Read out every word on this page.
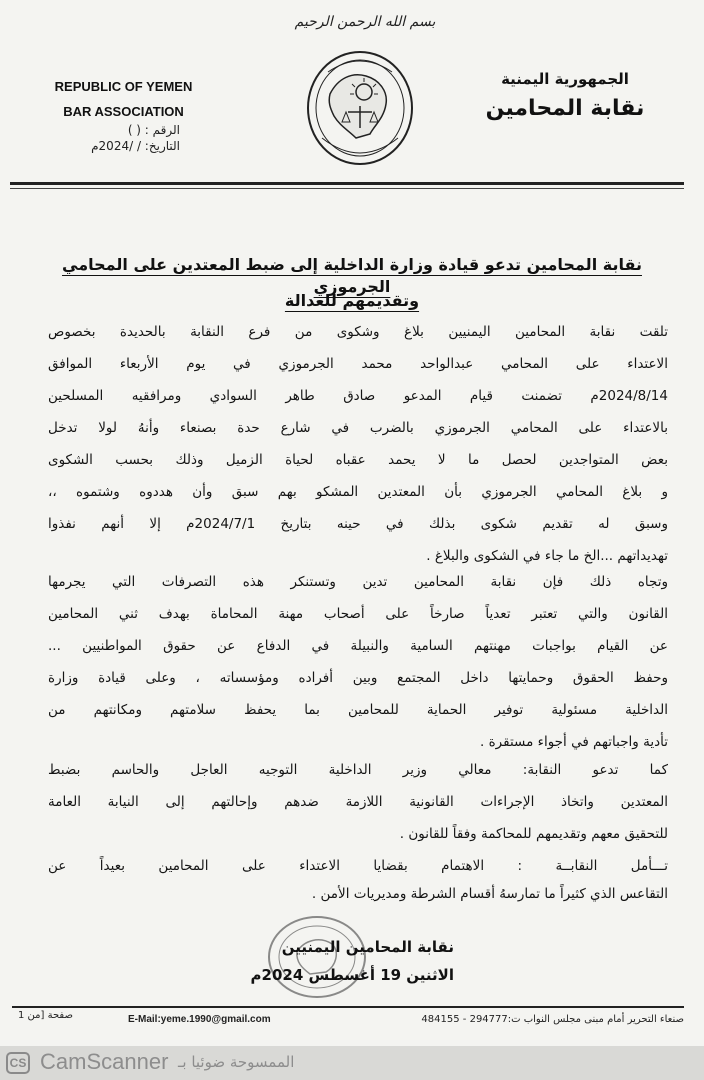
بسم الله الرحمن الرحيم
REPUBLIC OF YEMEN
BAR ASSOCIATION
الرقم : ( )
التاريخ: / /2024م
الجمهورية اليمنية
نقابة المحامين
نقابة المحامين تدعو قيادة وزارة الداخلية إلى ضبط المعتدين على المحامي الجرموزي
وتقديمهم للعدالة
تلقت نقابة المحامين اليمنيين بلاغ وشكوى من فرع النقابة بالحديدة بخصوص
الاعتداء على المحامي عبدالواحد محمد الجرموزي في يوم الأربعاء الموافق
2024/8/14م تضمنت قيام المدعو صادق طاهر السوادي ومرافقيه المسلحين
بالاعتداء على المحامي الجرموزي بالضرب في شارع حدة بصنعاء وأنهُ لولا تدخل
بعض المتواجدين لحصل ما لا يحمد عقباه لحياة الزميل وذلك بحسب الشكوى
و بلاغ المحامي الجرموزي بأن المعتدين المشكو بهم سبق وأن هددوه وشتموه ،،
وسبق له تقديم شكوى بذلك في حينه بتاريخ 2024/7/1م إلا أنهم نفذوا
تهديداتهم ...الخ ما جاء في الشكوى والبلاغ .
وتجاه ذلك فإن نقابة المحامين تدين وتستنكر هذه التصرفات التي يجرمها
القانون والتي تعتبر تعدياً صارخاً على أصحاب مهنة المحاماة بهدف ثني المحامين
عن القيام بواجبات مهنتهم السامية والنبيلة في الدفاع عن حقوق المواطنيين ...
وحفظ الحقوق وحمايتها داخل المجتمع وبين أفراده ومؤسساته ، وعلى قيادة وزارة
الداخلية مسئولية توفير الحماية للمحامين بما يحفظ سلامتهم ومكانتهم من
تأدية واجباتهم في أجواء مستقرة .
كما تدعو النقابة: معالي وزير الداخلية التوجيه العاجل والحاسم بضبط
المعتدين واتخاذ الإجراءات القانونية اللازمة ضدهم وإحالتهم إلى النيابة العامة
للتحقيق معهم وتقديمهم للمحاكمة وفقاً للقانون .
تـــأمل النقابــة : الاهتمام بقضايا الاعتداء على المحامين بعيداً عن
التقاعس الذي كثيراً ما تمارسهُ أقسام الشرطة ومديريات الأمن .
نقابة المحامين اليمنيين
الاثنين 19 أغسطس 2024م
صنعاء التحرير أمام مبنى مجلس النواب ت:294777 - 484155
E-Mail:yeme.1990@gmail.com
صفحة [من 1
CS CamScanner الممسوحة ضوئيا بـ
